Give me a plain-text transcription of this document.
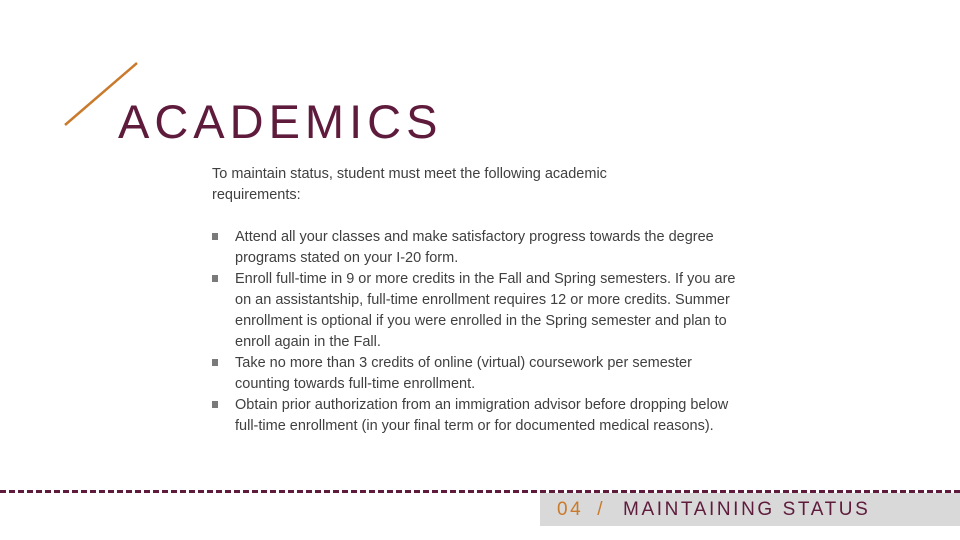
ACADEMICS

To maintain status, student must meet the following academic requirements:

Attend all your classes and make satisfactory progress towards the degree programs stated on your I-20 form.
Enroll full-time in 9 or more credits in the Fall and Spring semesters. If you are on an assistantship, full-time enrollment requires 12 or more credits. Summer enrollment is optional if you were enrolled in the Spring semester and plan to enroll again in the Fall.
Take no more than 3 credits of online (virtual) coursework per semester counting towards full-time enrollment.
Obtain prior authorization from an immigration advisor before dropping below full-time enrollment (in your final term or for documented medical reasons).
04 / MAINTAINING STATUS
